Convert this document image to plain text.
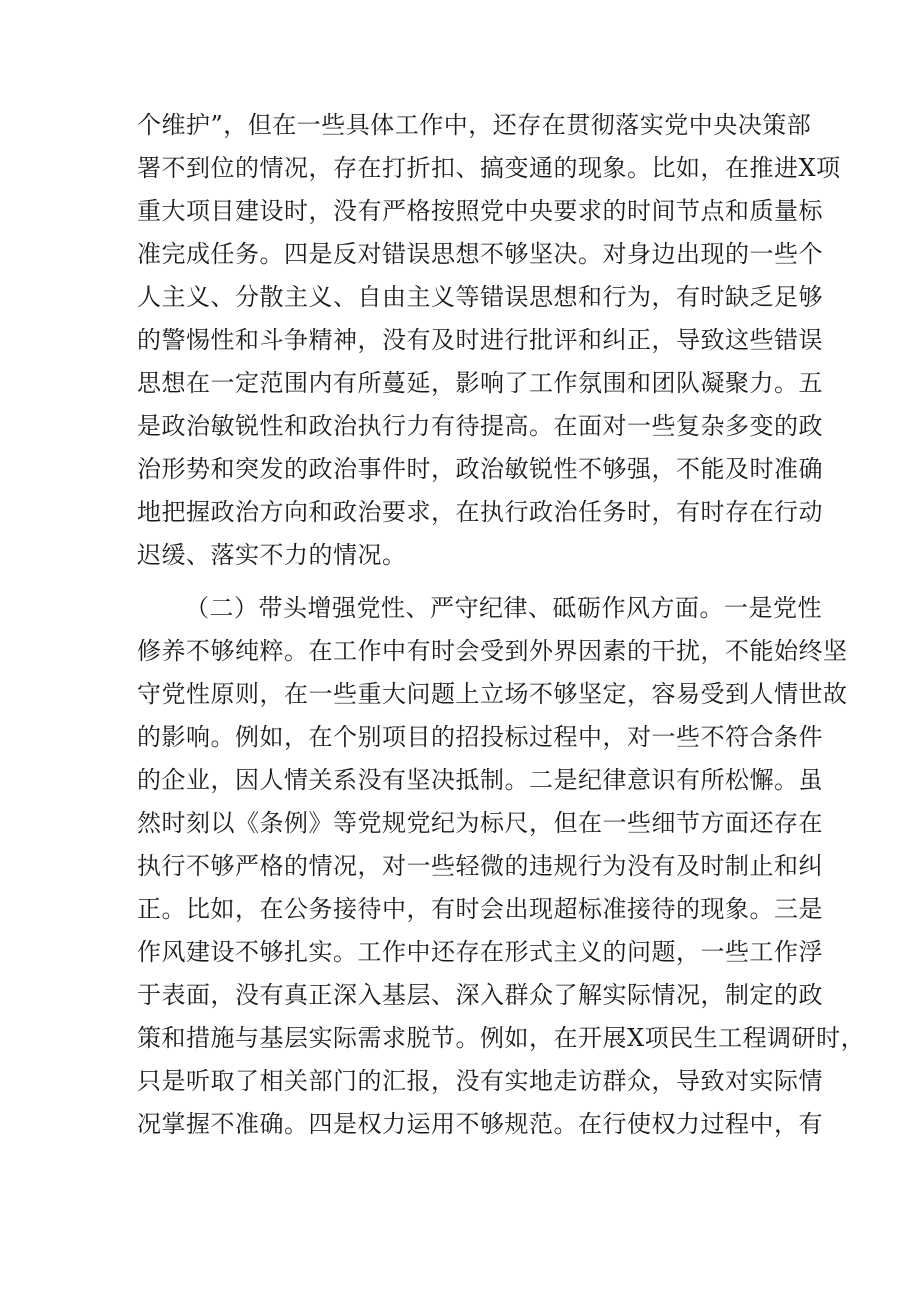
个维护”，但在一些具体工作中，还存在贯彻落实党中央决策部
署不到位的情况，存在打折扣、搞变通的现象。比如，在推进X项
重大项目建设时，没有严格按照党中央要求的时间节点和质量标
准完成任务。四是反对错误思想不够坚决。对身边出现的一些个
人主义、分散主义、自由主义等错误思想和行为，有时缺乏足够
的警惕性和斗争精神，没有及时进行批评和纠正，导致这些错误
思想在一定范围内有所蔓延，影响了工作氛围和团队凝聚力。五
是政治敏锐性和政治执行力有待提高。在面对一些复杂多变的政
治形势和突发的政治事件时，政治敏锐性不够强，不能及时准确
地把握政治方向和政治要求，在执行政治任务时，有时存在行动
迟缓、落实不力的情况。
（二）带头增强党性、严守纪律、砥砺作风方面。一是党性
修养不够纯粹。在工作中有时会受到外界因素的干扰，不能始终坚
守党性原则，在一些重大问题上立场不够坚定，容易受到人情世故
的影响。例如，在个别项目的招投标过程中，对一些不符合条件
的企业，因人情关系没有坚决抵制。二是纪律意识有所松懈。虽
然时刻以《条例》等党规党纪为标尺，但在一些细节方面还存在
执行不够严格的情况，对一些轻微的违规行为没有及时制止和纠
正。比如，在公务接待中，有时会出现超标准接待的现象。三是
作风建设不够扎实。工作中还存在形式主义的问题，一些工作浮
于表面，没有真正深入基层、深入群众了解实际情况，制定的政
策和措施与基层实际需求脱节。例如，在开展X项民生工程调研时，
只是听取了相关部门的汇报，没有实地走访群众，导致对实际情
况掌握不准确。四是权力运用不够规范。在行使权力过程中，有
